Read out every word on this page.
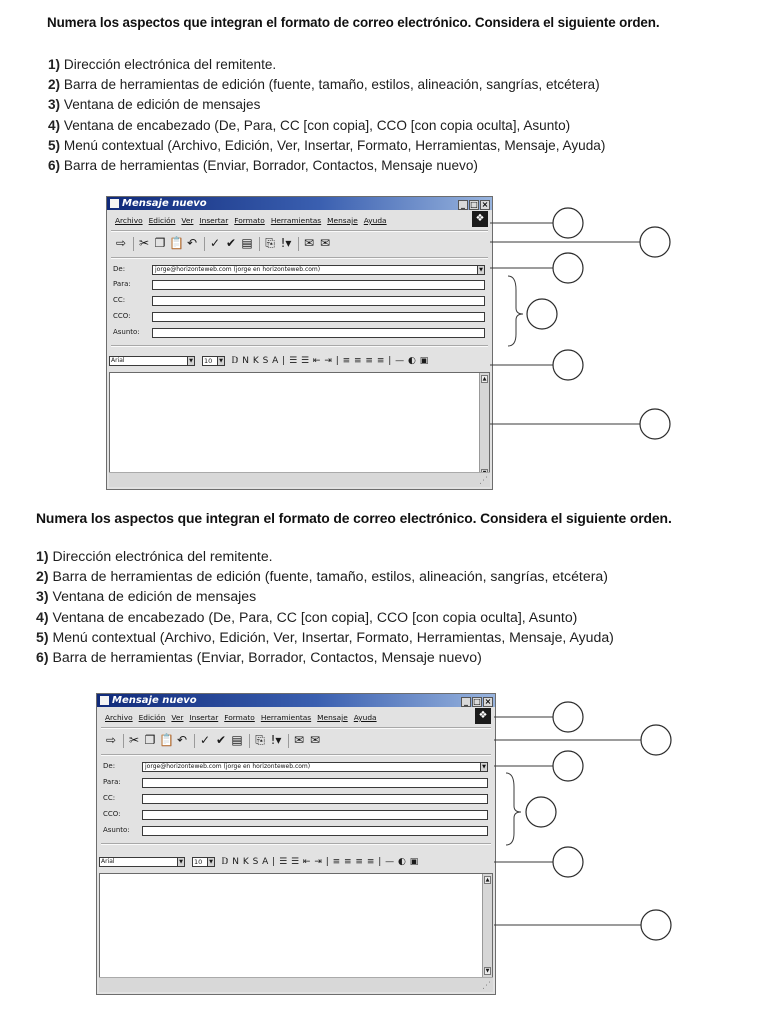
Numera los aspectos que integran el formato de correo electrónico. Considera el siguiente orden.

1) Dirección electrónica del remitente.
2) Barra de herramientas de edición (fuente, tamaño, estilos, alineación, sangrías, etcétera)
3) Ventana de edición de mensajes
4) Ventana de encabezado (De, Para, CC [con copia], CCO [con copia oculta], Asunto)
5) Menú contextual (Archivo, Edición, Ver, Insertar, Formato, Herramientas, Mensaje, Ayuda)
6) Barra de herramientas (Enviar, Borrador, Contactos, Mensaje nuevo)
Mensaje nuevo	_ □ ×
Archivo Edición Ver Insertar Formato Herramientas Mensaje Ayuda	❖
⇨ ✂ ❐ 📋 ↶ ✓ ✔ ▤ ⎘ !▾ ✉ ✉
De:	jorge@horizonteweb.com (jorge en horizonteweb.com)	▼
Para:
CC:
CCO:
Asunto:
Arial	▼	10	▼ 𝔻 N K S A | ☰ ☰ ⇤ ⇥ | ≡ ≡ ≡ ≡ | — ◐ ▣
▲
⋰

Numera los aspectos que integran el formato de correo electrónico. Considera el siguiente orden.

1) Dirección electrónica del remitente.
2) Barra de herramientas de edición (fuente, tamaño, estilos, alineación, sangrías, etcétera)
3) Ventana de edición de mensajes
4) Ventana de encabezado (De, Para, CC [con copia], CCO [con copia oculta], Asunto)
5) Menú contextual (Archivo, Edición, Ver, Insertar, Formato, Herramientas, Mensaje, Ayuda)
6) Barra de herramientas (Enviar, Borrador, Contactos, Mensaje nuevo)
Mensaje nuevo	_ □ ×
Archivo Edición Ver Insertar Formato Herramientas Mensaje Ayuda	❖
⇨ ✂ ❐ 📋 ↶ ✓ ✔ ▤ ⎘ !▾ ✉ ✉
De:	jorge@horizonteweb.com (jorge en horizonteweb.com)	▼
Para:
CC:
CCO:
Asunto:
Arial	▼	10	▼ 𝔻 N K S A | ☰ ☰ ⇤ ⇥ | ≡ ≡ ≡ ≡ | — ◐ ▣
▲
▼
⋰
